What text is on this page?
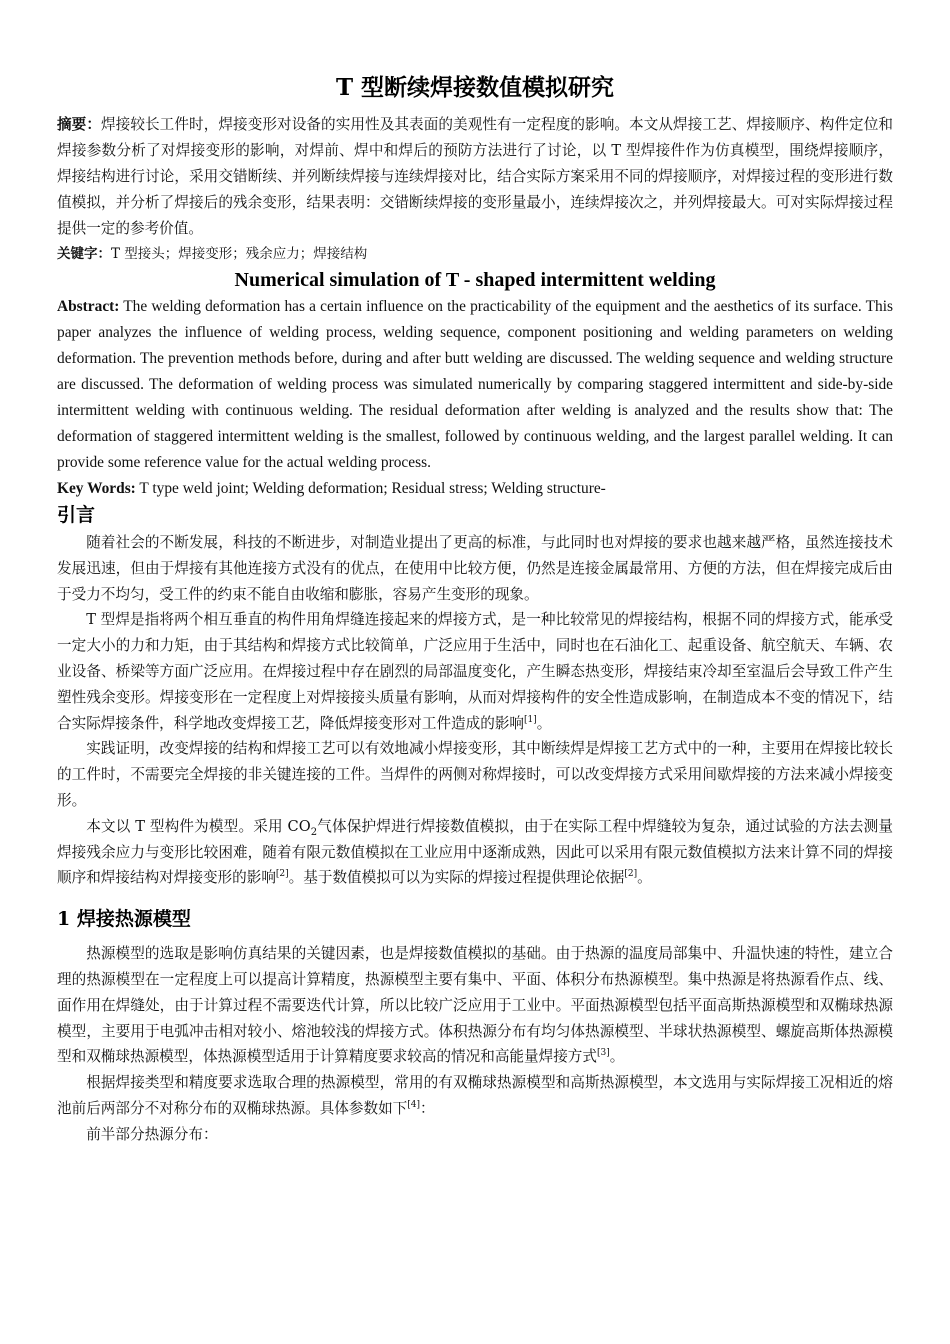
T 型断续焊接数值模拟研究

摘要：焊接较长工件时，焊接变形对设备的实用性及其表面的美观性有一定程度的影响。本文从焊接工艺、焊接顺序、构件定位和焊接参数分析了对焊接变形的影响，对焊前、焊中和焊后的预防方法进行了讨论，以 T 型焊接件作为仿真模型，围绕焊接顺序，焊接结构进行讨论，采用交错断续、并列断续焊接与连续焊接对比，结合实际方案采用不同的焊接顺序，对焊接过程的变形进行数值模拟，并分析了焊接后的残余变形，结果表明：交错断续焊接的变形量最小，连续焊接次之，并列焊接最大。可对实际焊接过程提供一定的参考价值。

关键字：T 型接头；焊接变形；残余应力；焊接结构

Numerical simulation of T - shaped intermittent welding

Abstract: The welding deformation has a certain influence on the practicability of the equipment and the aesthetics of its surface. This paper analyzes the influence of welding process, welding sequence, component positioning and welding parameters on welding deformation. The prevention methods before, during and after butt welding are discussed. The welding sequence and welding structure are discussed. The deformation of welding process was simulated numerically by comparing staggered intermittent and side-by-side intermittent welding with continuous welding. The residual deformation after welding is analyzed and the results show that: The deformation of staggered intermittent welding is the smallest, followed by continuous welding, and the largest parallel welding. It can provide some reference value for the actual welding process.

Key Words: T type weld joint; Welding deformation; Residual stress; Welding structure-

引言

随着社会的不断发展，科技的不断进步，对制造业提出了更高的标准，与此同时也对焊接的要求也越来越严格，虽然连接技术发展迅速，但由于焊接有其他连接方式没有的优点，在使用中比较方便，仍然是连接金属最常用、方便的方法，但在焊接完成后由于受力不均匀，受工件的约束不能自由收缩和膨胀，容易产生变形的现象。

T 型焊是指将两个相互垂直的构件用角焊缝连接起来的焊接方式，是一种比较常见的焊接结构，根据不同的焊接方式，能承受一定大小的力和力矩，由于其结构和焊接方式比较简单，广泛应用于生活中，同时也在石油化工、起重设备、航空航天、车辆、农业设备、桥梁等方面广泛应用。在焊接过程中存在剧烈的局部温度变化，产生瞬态热变形，焊接结束冷却至室温后会导致工件产生塑性残余变形。焊接变形在一定程度上对焊接接头质量有影响，从而对焊接构件的安全性造成影响，在制造成本不变的情况下，结合实际焊接条件，科学地改变焊接工艺，降低焊接变形对工件造成的影响[1]。

实践证明，改变焊接的结构和焊接工艺可以有效地减小焊接变形，其中断续焊是焊接工艺方式中的一种，主要用在焊接比较长的工件时，不需要完全焊接的非关键连接的工件。当焊件的两侧对称焊接时，可以改变焊接方式采用间歇焊接的方法来减小焊接变形。

本文以 T 型构件为模型。采用 $CO_2$气体保护焊进行焊接数值模拟，由于在实际工程中焊缝较为复杂，通过试验的方法去测量焊接残余应力与变形比较困难，随着有限元数值模拟在工业应用中逐渐成熟，因此可以采用有限元数值模拟方法来计算不同的焊接顺序和焊接结构对焊接变形的影响[2]。基于数值模拟可以为实际的焊接过程提供理论依据[2]。

1 焊接热源模型

热源模型的选取是影响仿真结果的关键因素，也是焊接数值模拟的基础。由于热源的温度局部集中、升温快速的特性，建立合理的热源模型在一定程度上可以提高计算精度，热源模型主要有集中、平面、体积分布热源模型。集中热源是将热源看作点、线、面作用在焊缝处，由于计算过程不需要迭代计算，所以比较广泛应用于工业中。平面热源模型包括平面高斯热源模型和双椭球热源模型，主要用于电弧冲击相对较小、熔池较浅的焊接方式。体积热源分布有均匀体热源模型、半球状热源模型、螺旋高斯体热源模型和双椭球热源模型，体热源模型适用于计算精度要求较高的情况和高能量焊接方式[3]。

根据焊接类型和精度要求选取合理的热源模型，常用的有双椭球热源模型和高斯热源模型，本文选用与实际焊接工况相近的熔池前后两部分不对称分布的双椭球热源。具体参数如下[4]：

前半部分热源分布：
